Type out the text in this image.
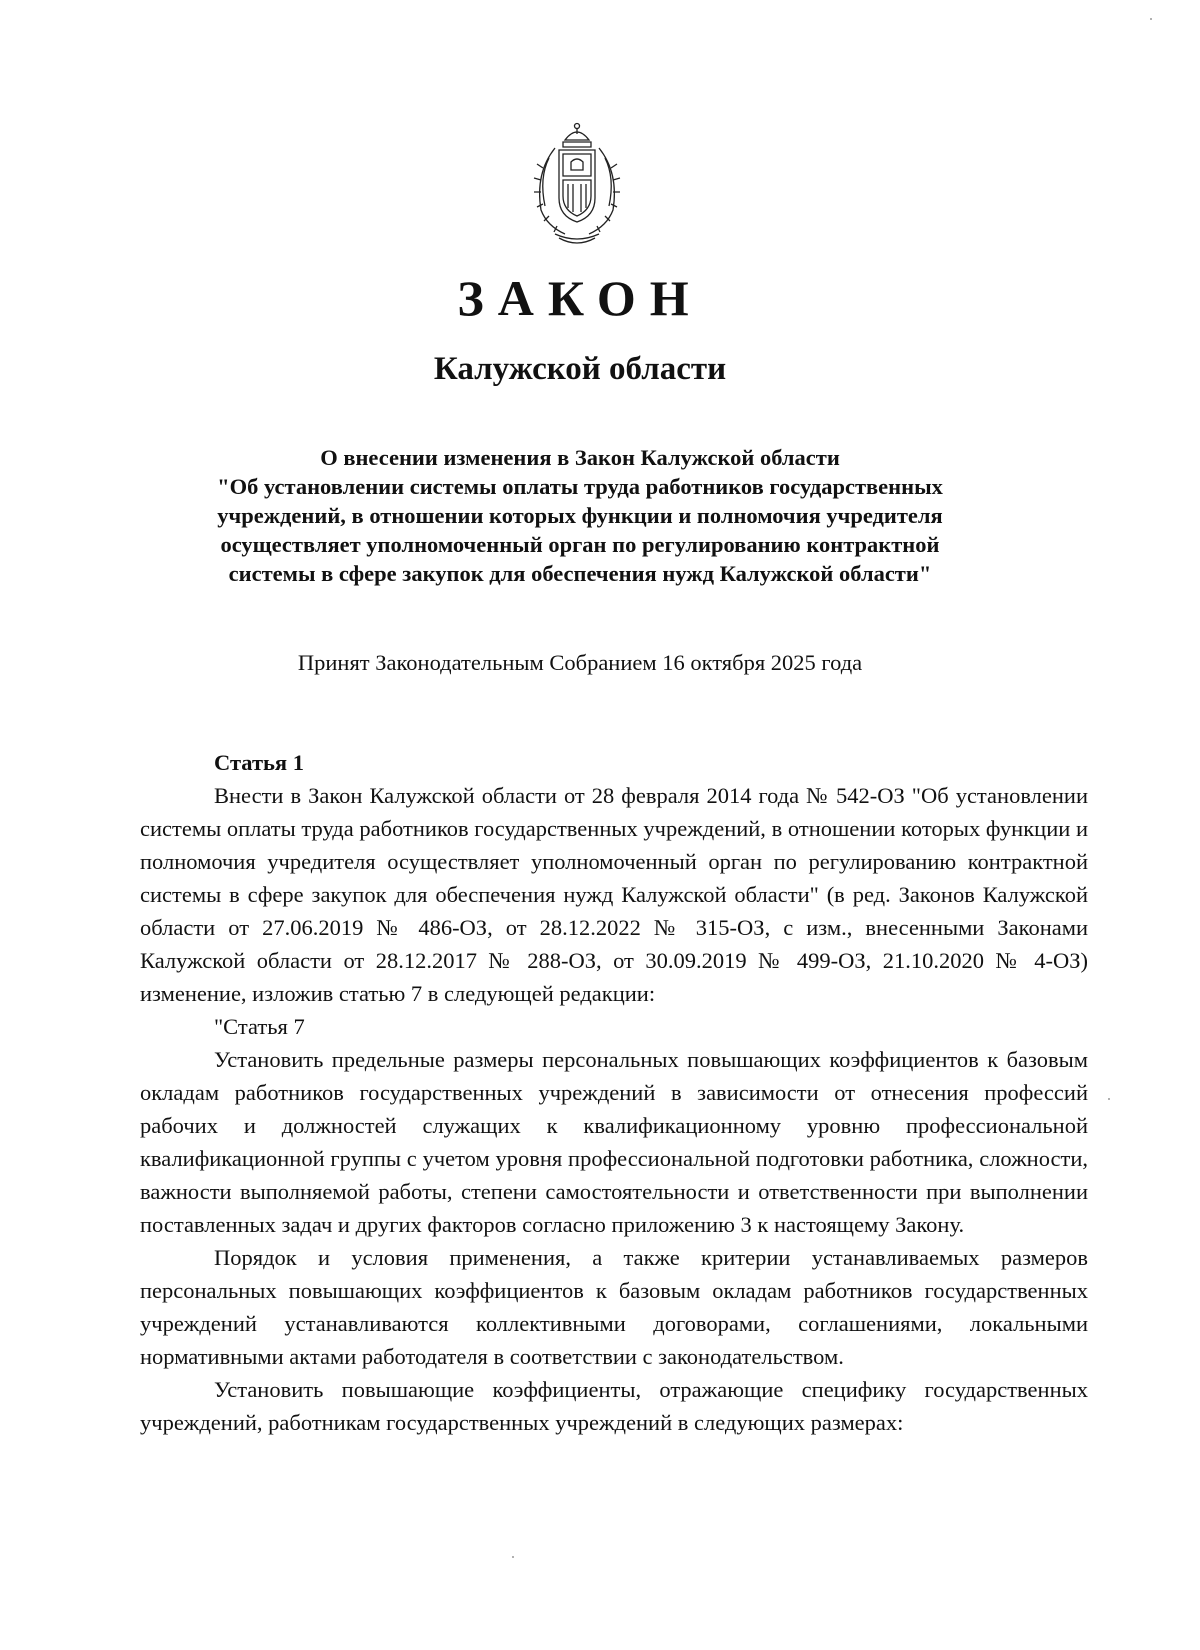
ЗАКОН
Калужской области
О внесении изменения в Закон Калужской области
"Об установлении системы оплаты труда работников государственных
учреждений, в отношении которых функции и полномочия учредителя
осуществляет уполномоченный орган по регулированию контрактной
системы в сфере закупок для обеспечения нужд Калужской области"
Принят Законодательным Собранием 16 октября 2025 года

Статья 1

Внести в Закон Калужской области от 28 февраля 2014 года № 542-ОЗ "Об установлении системы оплаты труда работников государственных учреждений, в отношении которых функции и полномочия учредителя осуществляет уполномоченный орган по регулированию контрактной системы в сфере закупок для обеспечения нужд Калужской области" (в ред. Законов Калужской области от 27.06.2019 № 486-ОЗ, от 28.12.2022 № 315-ОЗ, с изм., внесенными Законами Калужской области от 28.12.2017 № 288-ОЗ, от 30.09.2019 № 499-ОЗ, 21.10.2020 № 4-ОЗ) изменение, изложив статью 7 в следующей редакции:

"Статья 7

Установить предельные размеры персональных повышающих коэффициентов к базовым окладам работников государственных учреждений в зависимости от отнесения профессий рабочих и должностей служащих к квалификационному уровню профессиональной квалификационной группы с учетом уровня профессиональной подготовки работника, сложности, важности выполняемой работы, степени самостоятельности и ответственности при выполнении поставленных задач и других факторов согласно приложению 3 к настоящему Закону.

Порядок и условия применения, а также критерии устанавливаемых размеров персональных повышающих коэффициентов к базовым окладам работников государственных учреждений устанавливаются коллективными договорами, соглашениями, локальными нормативными актами работодателя в соответствии с законодательством.

Установить повышающие коэффициенты, отражающие специфику государственных учреждений, работникам государственных учреждений в следующих размерах:
